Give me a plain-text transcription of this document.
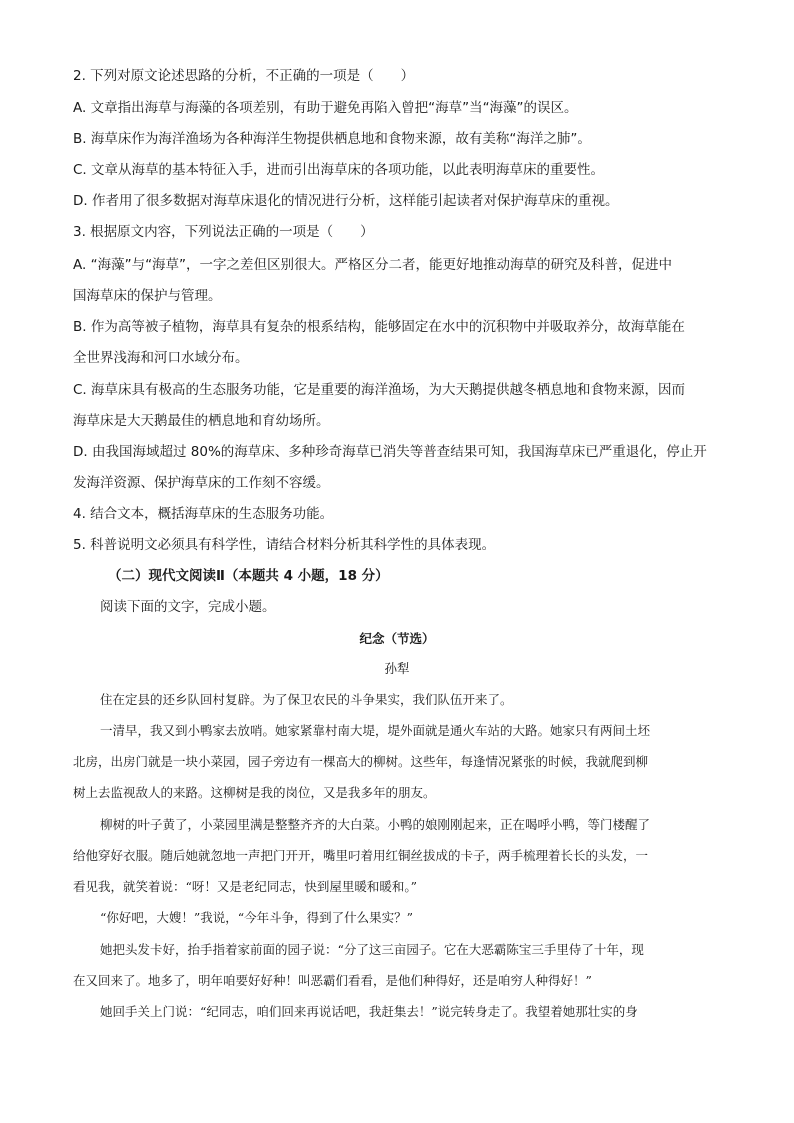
2. 下列对原文论述思路的分析，不正确的一项是（　　）
A. 文章指出海草与海藻的各项差别，有助于避免再陷入曾把“海草”当“海藻”的误区。
B. 海草床作为海洋渔场为各种海洋生物提供栖息地和食物来源，故有美称“海洋之肺”。
C. 文章从海草的基本特征入手，进而引出海草床的各项功能，以此表明海草床的重要性。
D. 作者用了很多数据对海草床退化的情况进行分析，这样能引起读者对保护海草床的重视。
3. 根据原文内容，下列说法正确的一项是（　　）
A. “海藻”与“海草”，一字之差但区别很大。严格区分二者，能更好地推动海草的研究及科普，促进中
国海草床的保护与管理。
B. 作为高等被子植物，海草具有复杂的根系结构，能够固定在水中的沉积物中并吸取养分，故海草能在
全世界浅海和河口水域分布。
C. 海草床具有极高的生态服务功能，它是重要的海洋渔场，为大天鹅提供越冬栖息地和食物来源，因而
海草床是大天鹅最佳的栖息地和育幼场所。
D. 由我国海域超过 80%的海草床、多种珍奇海草已消失等普查结果可知，我国海草床已严重退化，停止开
发海洋资源、保护海草床的工作刻不容缓。
4. 结合文本，概括海草床的生态服务功能。
5. 科普说明文必须具有科学性，请结合材料分析其科学性的具体表现。
（二）现代文阅读Ⅱ（本题共 4 小题，18 分）
阅读下面的文字，完成小题。
纪念（节选）
孙犁
住在定县的还乡队回村复辟。为了保卫农民的斗争果实，我们队伍开来了。
一清早，我又到小鸭家去放哨。她家紧靠村南大堤，堤外面就是通火车站的大路。她家只有两间土坯
北房，出房门就是一块小菜园，园子旁边有一棵高大的柳树。这些年，每逢情况紧张的时候，我就爬到柳
树上去监视敌人的来路。这柳树是我的岗位，又是我多年的朋友。
柳树的叶子黄了，小菜园里满是整整齐齐的大白菜。小鸭的娘刚刚起来，正在喝呼小鸭，等门楼醒了
给他穿好衣服。随后她就忽地一声把门开开，嘴里叼着用红铜丝拔成的卡子，两手梳理着长长的头发，一
看见我，就笑着说：“呀！又是老纪同志，快到屋里暖和暖和。”
“你好吧，大嫂！”我说，“今年斗争，得到了什么果实？”
她把头发卡好，抬手指着家前面的园子说：“分了这三亩园子。它在大恶霸陈宝三手里侍了十年，现
在又回来了。地多了，明年咱要好好种！叫恶霸们看看，是他们种得好，还是咱穷人种得好！”
她回手关上门说：“纪同志，咱们回来再说话吧，我赶集去！”说完转身走了。我望着她那壮实的身
